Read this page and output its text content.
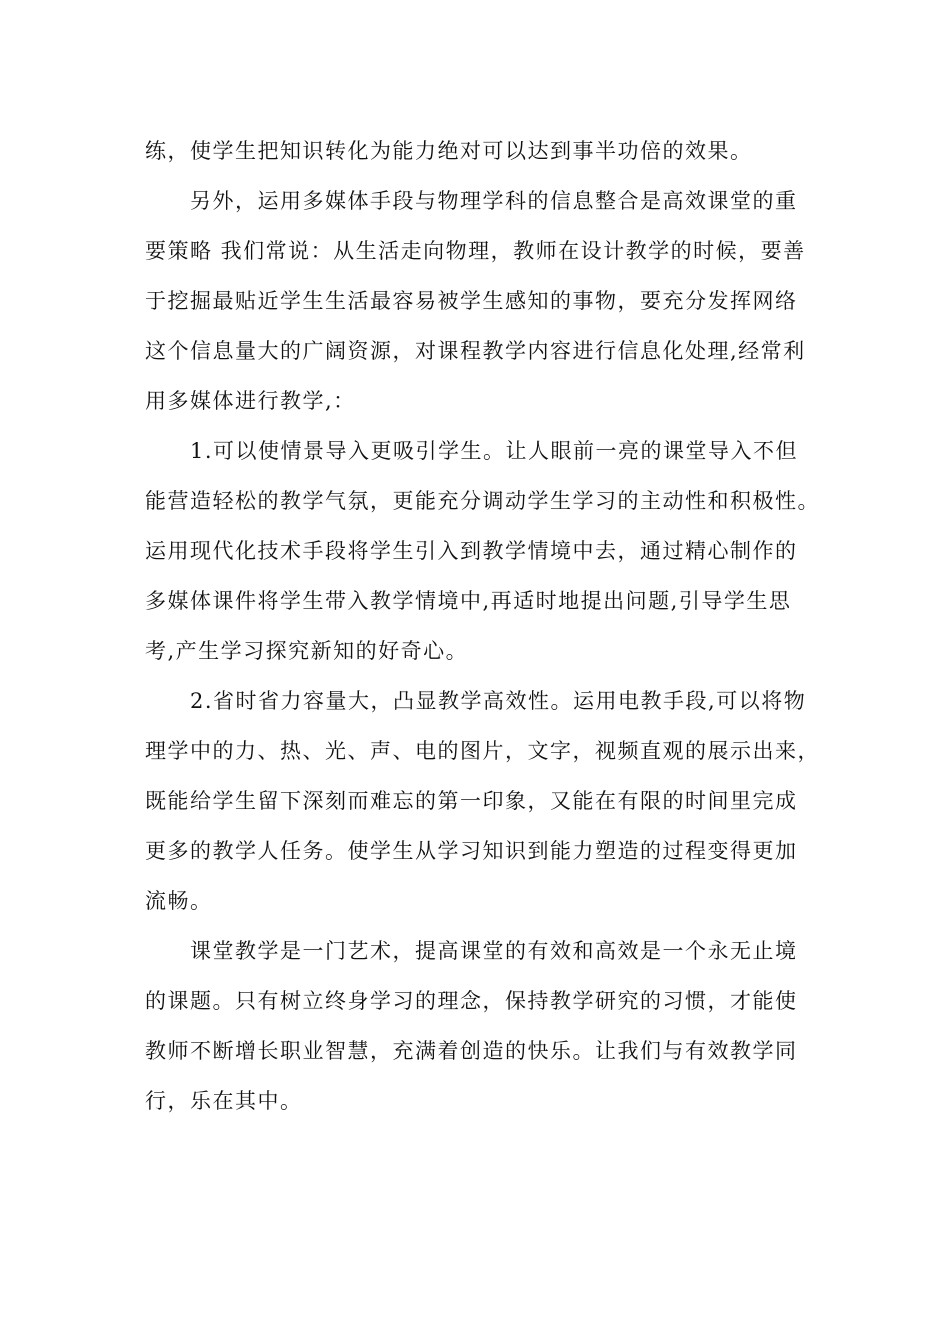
练，使学生把知识转化为能力绝对可以达到事半功倍的效果。
另外，运用多媒体手段与物理学科的信息整合是高效课堂的重
要策略 我们常说：从生活走向物理，教师在设计教学的时候，要善
于挖掘最贴近学生生活最容易被学生感知的事物，要充分发挥网络
这个信息量大的广阔资源，对课程教学内容进行信息化处理,经常利
用多媒体进行教学,：
1.可以使情景导入更吸引学生。让人眼前一亮的课堂导入不但
能营造轻松的教学气氛，更能充分调动学生学习的主动性和积极性。
运用现代化技术手段将学生引入到教学情境中去，通过精心制作的
多媒体课件将学生带入教学情境中,再适时地提出问题,引导学生思
考,产生学习探究新知的好奇心。
2.省时省力容量大，凸显教学高效性。运用电教手段,可以将物
理学中的力、热、光、声、电的图片，文字，视频直观的展示出来，
既能给学生留下深刻而难忘的第一印象，又能在有限的时间里完成
更多的教学人任务。使学生从学习知识到能力塑造的过程变得更加
流畅。
课堂教学是一门艺术，提高课堂的有效和高效是一个永无止境
的课题。只有树立终身学习的理念，保持教学研究的习惯，才能使
教师不断增长职业智慧，充满着创造的快乐。让我们与有效教学同
行，乐在其中。
